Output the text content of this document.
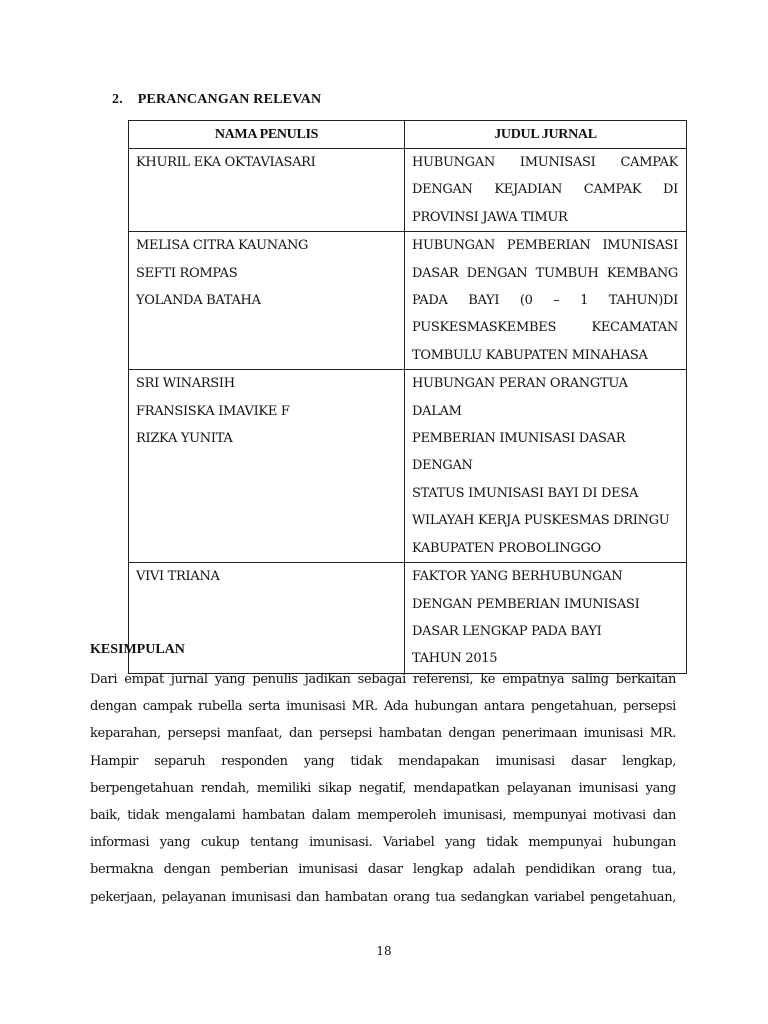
2. PERANCANGAN RELEVAN
NAMA PENULIS	JUDUL JURNAL

KHURIL EKA OKTAVIASARI	HUBUNGAN IMUNISASI CAMPAK
DENGAN KEJADIAN CAMPAK DI
PROVINSI JAWA TIMUR

MELISA CITRA KAUNANG
SEFTI ROMPAS
YOLANDA BATAHA	HUBUNGAN PEMBERIAN IMUNISASI
DASAR DENGAN TUMBUH KEMBANG
PADA BAYI (0 – 1 TAHUN)DI
PUSKESMASKEMBES KECAMATAN
TOMBULU KABUPATEN MINAHASA

SRI WINARSIH
FRANSISKA IMAVIKE F
RIZKA YUNITA	HUBUNGAN PERAN ORANGTUA DALAM
PEMBERIAN IMUNISASI DASAR DENGAN
STATUS IMUNISASI BAYI DI DESA
WILAYAH KERJA PUSKESMAS DRINGU
KABUPATEN PROBOLINGGO

VIVI TRIANA	FAKTOR YANG BERHUBUNGAN
DENGAN PEMBERIAN IMUNISASI
DASAR LENGKAP PADA BAYI
TAHUN 2015
KESIMPULAN
Dari empat jurnal yang penulis jadikan sebagai referensi, ke empatnya saling berkaitan
dengan campak rubella serta imunisasi MR. Ada hubungan antara pengetahuan, persepsi
keparahan, persepsi manfaat, dan persepsi hambatan dengan penerimaan imunisasi MR.
Hampir separuh responden yang tidak mendapakan imunisasi dasar lengkap,
berpengetahuan rendah, memiliki sikap negatif, mendapatkan pelayanan imunisasi yang
baik, tidak mengalami hambatan dalam memperoleh imunisasi, mempunyai motivasi dan
informasi yang cukup tentang imunisasi. Variabel yang tidak mempunyai hubungan
bermakna dengan pemberian imunisasi dasar lengkap adalah pendidikan orang tua,
pekerjaan, pelayanan imunisasi dan hambatan orang tua sedangkan variabel pengetahuan,
18
